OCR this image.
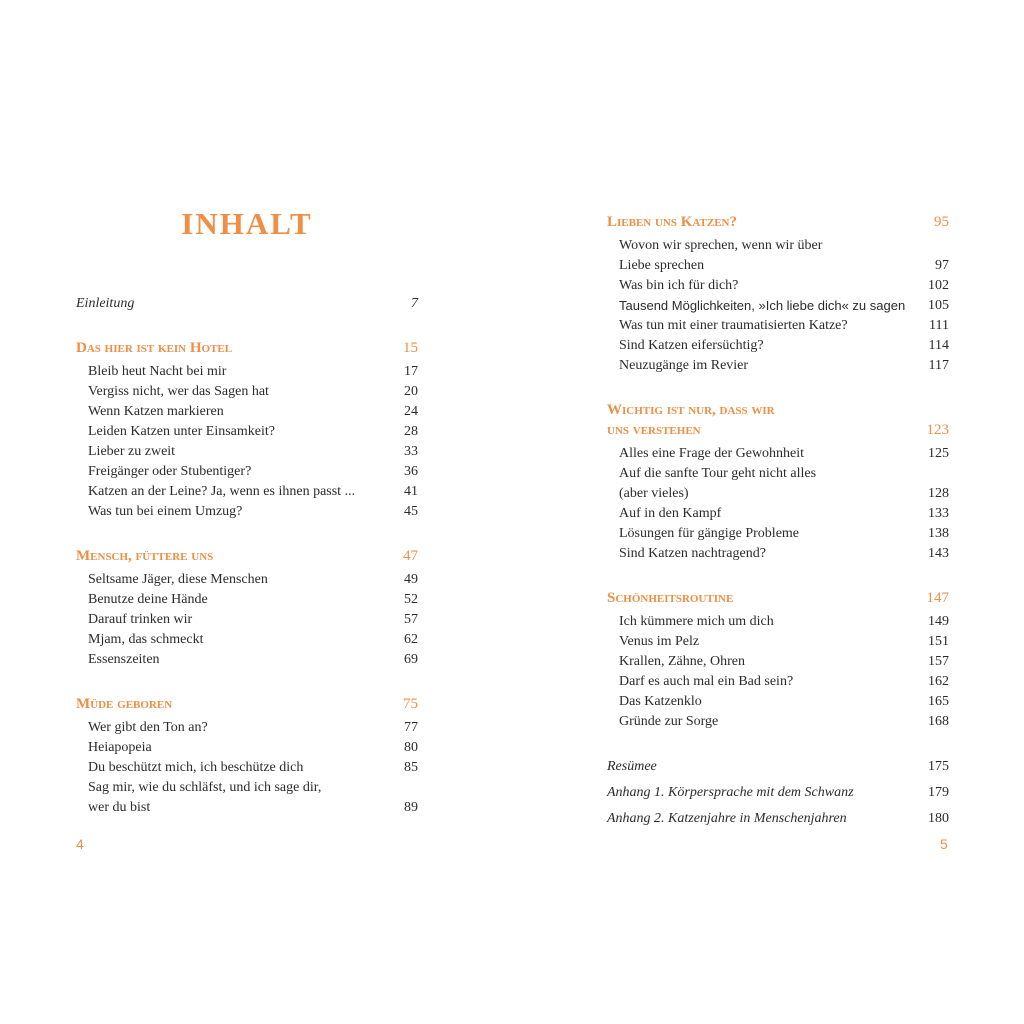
INHALT
Einleitung	7
Das hier ist kein Hotel	15
Bleib heut Nacht bei mir	17
Vergiss nicht, wer das Sagen hat	20
Wenn Katzen markieren	24
Leiden Katzen unter Einsamkeit?	28
Lieber zu zweit	33
Freigänger oder Stubentiger?	36
Katzen an der Leine? Ja, wenn es ihnen passt ...	41
Was tun bei einem Umzug?	45
Mensch, füttere uns	47
Seltsame Jäger, diese Menschen	49
Benutze deine Hände	52
Darauf trinken wir	57
Mjam, das schmeckt	62
Essenszeiten	69
Müde geboren	75
Wer gibt den Ton an?	77
Heiapopeia	80
Du beschützt mich, ich beschütze dich	85
Sag mir, wie du schläfst, und ich sage dir,
wer du bist	89
4
Lieben uns Katzen?	95
Wovon wir sprechen, wenn wir über
Liebe sprechen	97
Was bin ich für dich?	102
Tausend Möglichkeiten, »Ich liebe dich« zu sagen	105
Was tun mit einer traumatisierten Katze?	111
Sind Katzen eifersüchtig?	114
Neuzugänge im Revier	117
Wichtig ist nur, dass wir
uns verstehen	123
Alles eine Frage der Gewohnheit	125
Auf die sanfte Tour geht nicht alles
(aber vieles)	128
Auf in den Kampf	133
Lösungen für gängige Probleme	138
Sind Katzen nachtragend?	143
Schönheitsroutine	147
Ich kümmere mich um dich	149
Venus im Pelz	151
Krallen, Zähne, Ohren	157
Darf es auch mal ein Bad sein?	162
Das Katzenklo	165
Gründe zur Sorge	168
Resümee	175
Anhang 1. Körpersprache mit dem Schwanz	179
Anhang 2. Katzenjahre in Menschenjahren	180
5
